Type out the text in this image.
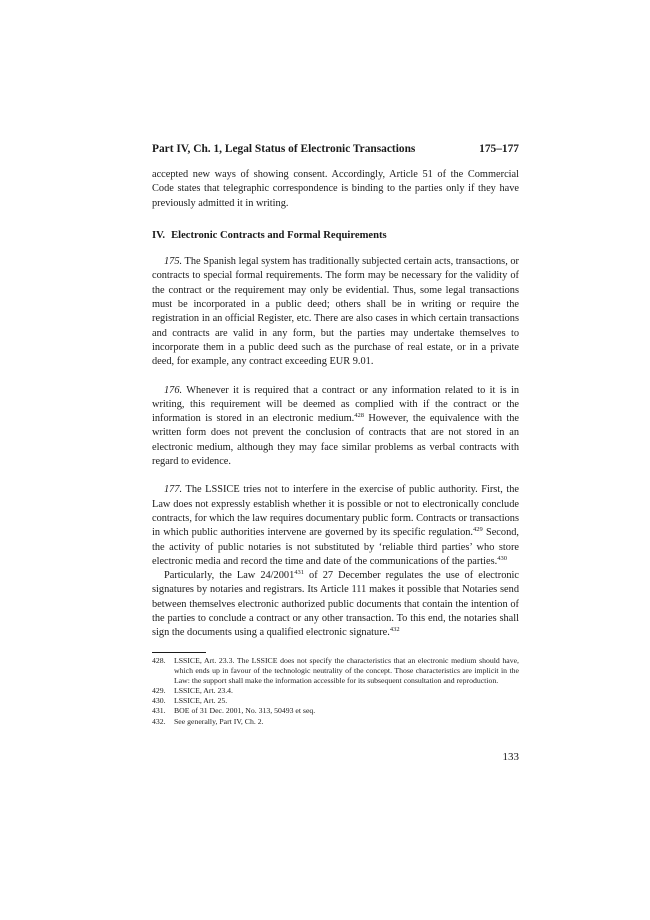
Part IV, Ch. 1, Legal Status of Electronic Transactions	175–177

accepted new ways of showing consent. Accordingly, Article 51 of the Commercial Code states that telegraphic correspondence is binding to the parties only if they have previously admitted it in writing.

IV. Electronic Contracts and Formal Requirements

175. The Spanish legal system has traditionally subjected certain acts, transactions, or contracts to special formal requirements. The form may be necessary for the validity of the contract or the requirement may only be evidential. Thus, some legal transactions must be incorporated in a public deed; others shall be in writing or require the registration in an official Register, etc. There are also cases in which certain transactions and contracts are valid in any form, but the parties may undertake themselves to incorporate them in a public deed such as the purchase of real estate, or in a private deed, for example, any contract exceeding EUR 9.01.

176. Whenever it is required that a contract or any information related to it is in writing, this requirement will be deemed as complied with if the contract or the information is stored in an electronic medium.$^{428}$ However, the equivalence with the written form does not prevent the conclusion of contracts that are not stored in an electronic medium, although they may face similar problems as verbal contracts with regard to evidence.

177. The LSSICE tries not to interfere in the exercise of public authority. First, the Law does not expressly establish whether it is possible or not to electronically conclude contracts, for which the law requires documentary public form. Contracts or transactions in which public authorities intervene are governed by its specific regulation.$^{429}$ Second, the activity of public notaries is not substituted by ‘reliable third parties’ who store electronic media and record the time and date of the communications of the parties.$^{430}$

Particularly, the Law 24/2001$^{431}$ of 27 December regulates the use of electronic signatures by notaries and registrars. Its Article 111 makes it possible that Notaries send between themselves electronic authorized public documents that contain the intention of the parties to conclude a contract or any other transaction. To this end, the notaries shall sign the documents using a qualified electronic signature.$^{432}$

428.	LSSICE, Art. 23.3. The LSSICE does not specify the characteristics that an electronic medium should have, which ends up in favour of the technologic neutrality of the concept. Those characteristics are implicit in the Law: the support shall make the information accessible for its subsequent consultation and reproduction.
429.	LSSICE, Art. 23.4.
430.	LSSICE, Art. 25.
431.	BOE of 31 Dec. 2001, No. 313, 50493 et seq.
432.	See generally, Part IV, Ch. 2.
133
